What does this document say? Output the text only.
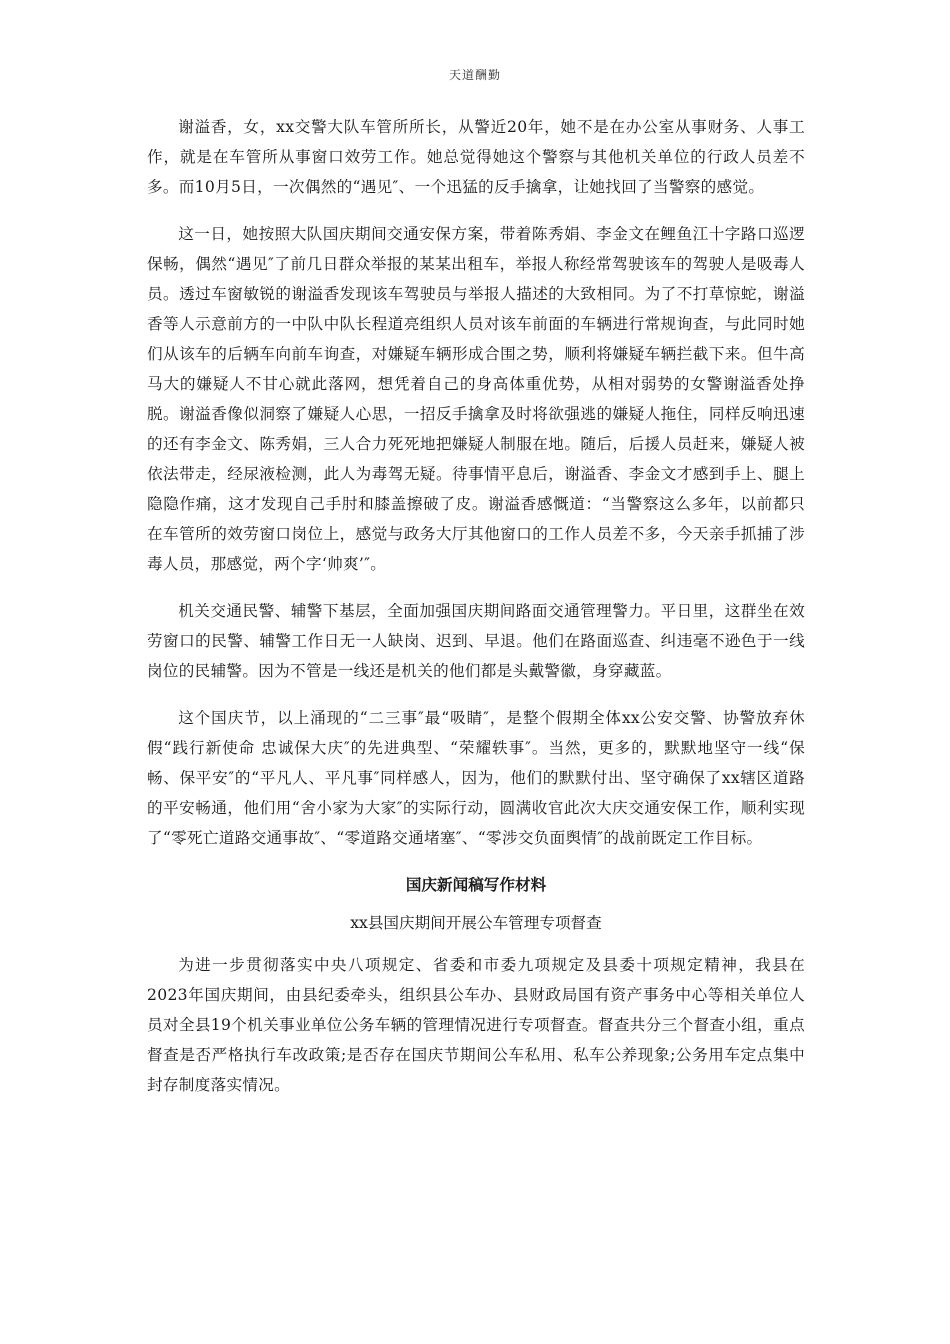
天道酬勤

谢溢香，女，xx交警大队车管所所长，从警近20年，她不是在办公室从事财务、人事工作，就是在车管所从事窗口效劳工作。她总觉得她这个警察与其他机关单位的行政人员差不多。而10月5日，一次偶然的“遇见″、一个迅猛的反手擒拿，让她找回了当警察的感觉。

这一日，她按照大队国庆期间交通安保方案，带着陈秀娟、李金文在鲤鱼江十字路口巡逻保畅，偶然“遇见″了前几日群众举报的某某出租车，举报人称经常驾驶该车的驾驶人是吸毒人员。透过车窗敏锐的谢溢香发现该车驾驶员与举报人描述的大致相同。为了不打草惊蛇，谢溢香等人示意前方的一中队中队长程道亮组织人员对该车前面的车辆进行常规询查，与此同时她们从该车的后辆车向前车询查，对嫌疑车辆形成合围之势，顺利将嫌疑车辆拦截下来。但牛高马大的嫌疑人不甘心就此落网，想凭着自己的身高体重优势，从相对弱势的女警谢溢香处挣脱。谢溢香像似洞察了嫌疑人心思，一招反手擒拿及时将欲强逃的嫌疑人拖住，同样反响迅速的还有李金文、陈秀娟，三人合力死死地把嫌疑人制服在地。随后，后援人员赶来，嫌疑人被依法带走，经尿液检测，此人为毒驾无疑。待事情平息后，谢溢香、李金文才感到手上、腿上隐隐作痛，这才发现自己手肘和膝盖擦破了皮。谢溢香感慨道：“当警察这么多年，以前都只在车管所的效劳窗口岗位上，感觉与政务大厅其他窗口的工作人员差不多，今天亲手抓捕了涉毒人员，那感觉，两个字‘帅爽’″。

机关交通民警、辅警下基层，全面加强国庆期间路面交通管理警力。平日里，这群坐在效劳窗口的民警、辅警工作日无一人缺岗、迟到、早退。他们在路面巡查、纠违毫不逊色于一线岗位的民辅警。因为不管是一线还是机关的他们都是头戴警徽，身穿藏蓝。

这个国庆节，以上涌现的“二三事″最“吸睛″，是整个假期全体xx公安交警、协警放弃休假“践行新使命 忠诚保大庆″的先进典型、“荣耀轶事″。当然，更多的，默默地坚守一线“保畅、保平安″的“平凡人、平凡事″同样感人，因为，他们的默默付出、坚守确保了xx辖区道路的平安畅通，他们用“舍小家为大家″的实际行动，圆满收官此次大庆交通安保工作，顺利实现了“零死亡道路交通事故″、“零道路交通堵塞″、“零涉交负面舆情″的战前既定工作目标。

国庆新闻稿写作材料
xx县国庆期间开展公车管理专项督查

为进一步贯彻落实中央八项规定、省委和市委九项规定及县委十项规定精神，我县在2023年国庆期间，由县纪委牵头，组织县公车办、县财政局国有资产事务中心等相关单位人员对全县19个机关事业单位公务车辆的管理情况进行专项督查。督查共分三个督查小组，重点督查是否严格执行车改政策;是否存在国庆节期间公车私用、私车公养现象;公务用车定点集中封存制度落实情况。
